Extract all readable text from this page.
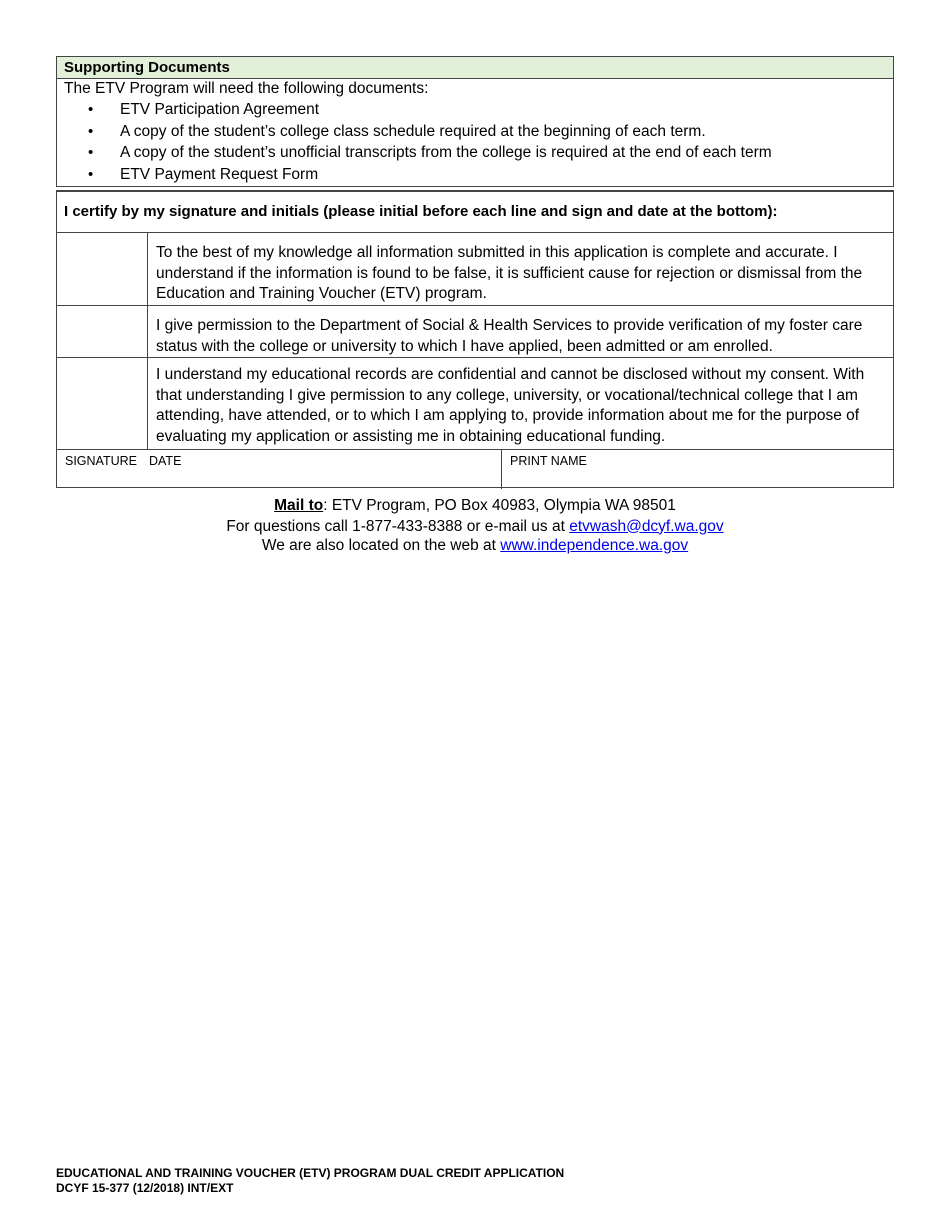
Supporting Documents
The ETV Program will need the following documents:
• ETV Participation Agreement
• A copy of the student’s college class schedule required at the beginning of each term.
• A copy of the student’s unofficial transcripts from the college is required at the end of each term
• ETV Payment Request Form
I certify by my signature and initials (please initial before each line and sign and date at the bottom):
To the best of my knowledge all information submitted in this application is complete and accurate. I understand if the information is found to be false, it is sufficient cause for rejection or dismissal from the Education and Training Voucher (ETV) program.
I give permission to the Department of Social & Health Services to provide verification of my foster care status with the college or university to which I have applied, been admitted or am enrolled.
I understand my educational records are confidential and cannot be disclosed without my consent. With that understanding I give permission to any college, university, or vocational/technical college that I am attending, have attended, or to which I am applying to, provide information about me for the purpose of evaluating my application or assisting me in obtaining educational funding.
SIGNATURE DATE	PRINT NAME
Mail to: ETV Program, PO Box 40983, Olympia WA 98501
For questions call 1-877-433-8388 or e-mail us at etvwash@dcyf.wa.gov
We are also located on the web at www.independence.wa.gov
EDUCATIONAL AND TRAINING VOUCHER (ETV) PROGRAM DUAL CREDIT APPLICATION
DCYF 15-377 (12/2018) INT/EXT
